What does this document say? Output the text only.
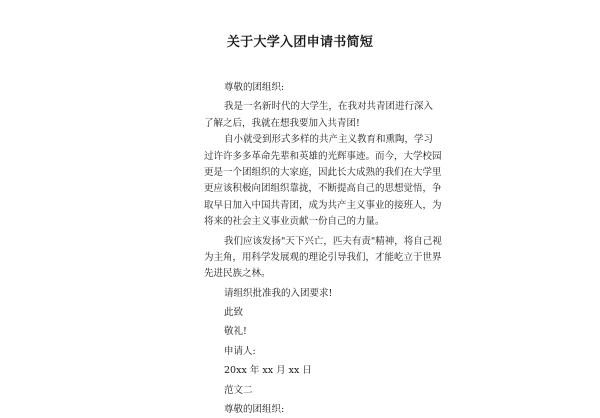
关于大学入团申请书简短
尊敬的团组织:
我是一名新时代的大学生，在我对共青团进行深入
了解之后，我就在想我要加入共青团!
自小就受到形式多样的共产主义教育和熏陶，学习
过许许多多革命先辈和英雄的光辉事迹。而今，大学校园
更是一个团组织的大家庭，因此长大成熟的我们在大学里
更应该积极向团组织靠拢，不断提高自己的思想觉悟，争
取早日加入中国共青团，成为共产主义事业的接班人，为
将来的社会主义事业贡献一份自己的力量。
我们应该发扬"天下兴亡，匹夫有责"精神，将自己视
为主角，用科学发展观的理论引导我们，才能屹立于世界
先进民族之林。
请组织批准我的入团要求!
此致
敬礼!
申请人:
20xx 年 xx 月 xx 日
范文二
尊敬的团组织:
